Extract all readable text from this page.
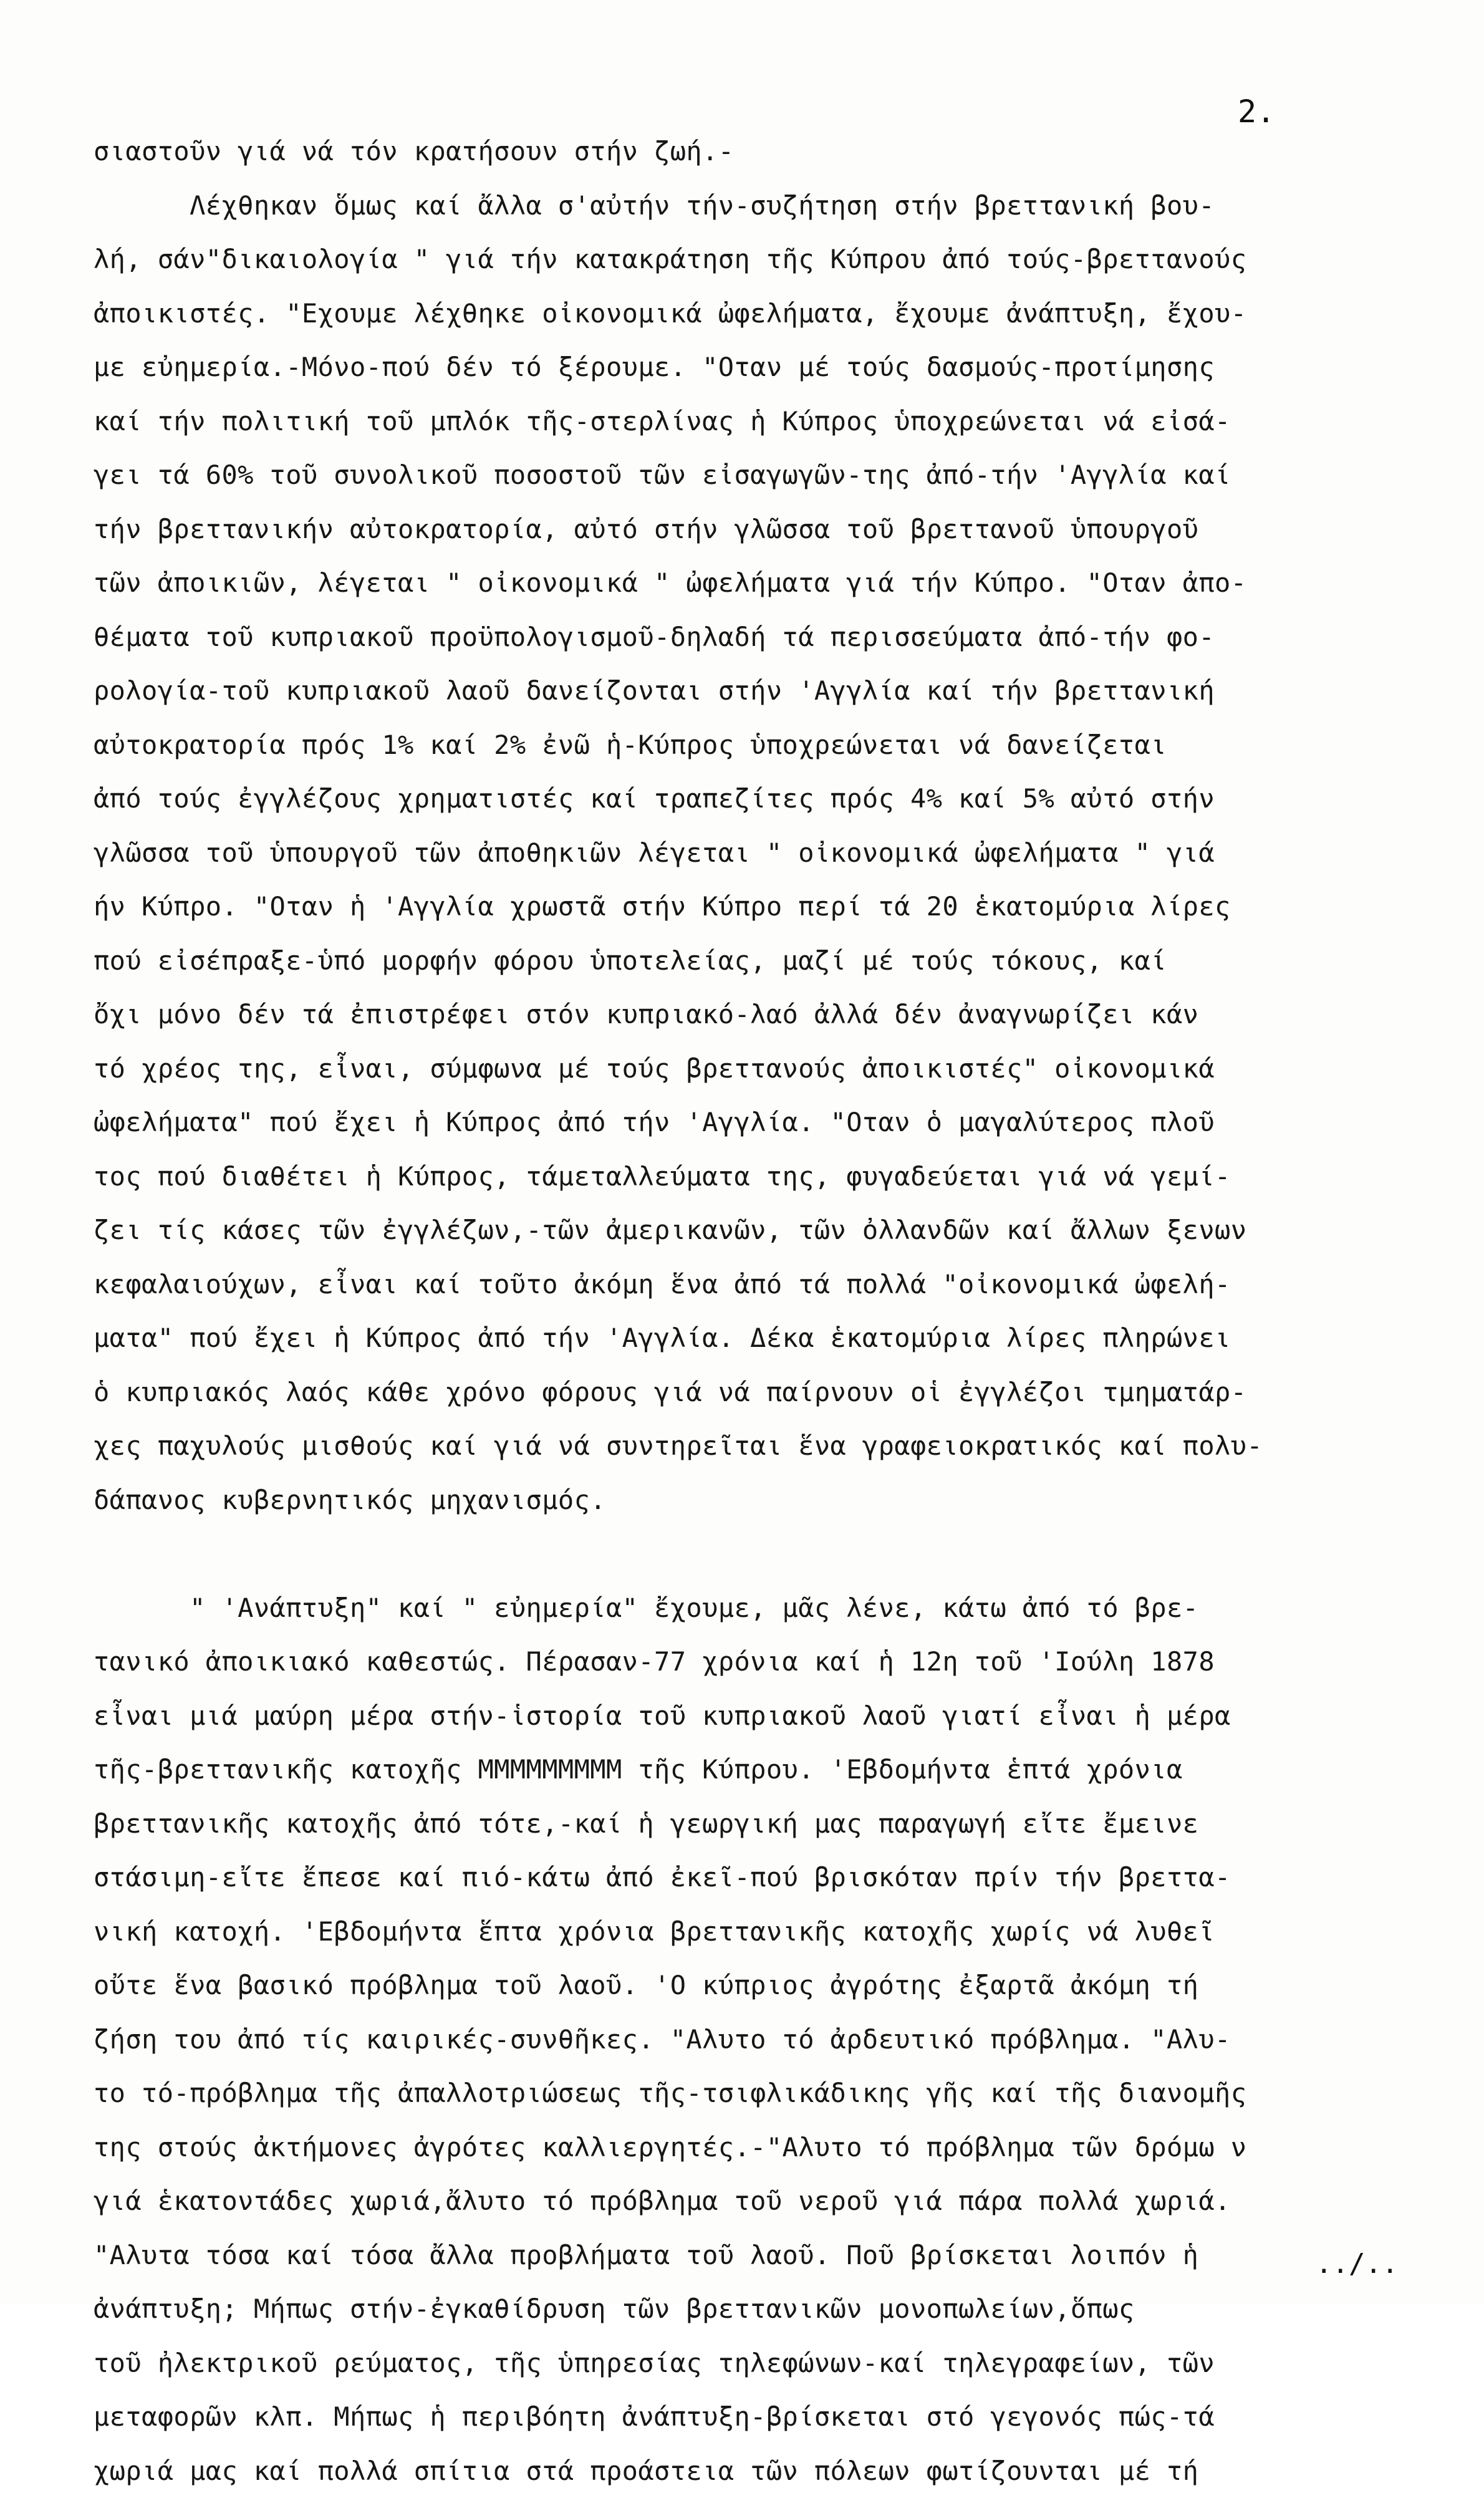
2.
σιαστοῦν γιά νά τόν κρατήσουν στήν ζωή.-
Λέχθηκαν ὅμως καί ἄλλα σ'αὐτήν τήν-συζήτηση στήν βρεττανική βου-
λή, σάν"δικαιολογία " γιά τήν κατακράτηση τῆς Κύπρου ἀπό τούς-βρεττανούς
ἀποικιστές. "Εχουμε λέχθηκε οἰκονομικά ὠφελήματα, ἔχουμε ἀνάπτυξη, ἔχου-
με εὐημερία.-Μόνο-πού δέν τό ξέρουμε. "Οταν μέ τούς δασμούς-προτίμησης
καί τήν πολιτική τοῦ μπλόκ τῆς-στερλίνας ἡ Κύπρος ὑποχρεώνεται νά εἰσά-
γει τά 60% τοῦ συνολικοῦ ποσοστοῦ τῶν εἰσαγωγῶν-της ἀπό-τήν 'Αγγλία καί
τήν βρεττανικήν αὐτοκρατορία, αὐτό στήν γλῶσσα τοῦ βρεττανοῦ ὑπουργοῦ
τῶν ἀποικιῶν, λέγεται " οἰκονομικά " ὠφελήματα γιά τήν Κύπρο. "Οταν ἀπο-
θέματα τοῦ κυπριακοῦ προϋπολογισμοῦ-δηλαδή τά περισσεύματα ἀπό-τήν φο-
ρολογία-τοῦ κυπριακοῦ λαοῦ δανείζονται στήν 'Αγγλία καί τήν βρεττανική
αὐτοκρατορία πρός 1% καί 2% ἐνῶ ἡ-Κύπρος ὑποχρεώνεται νά δανείζεται
ἀπό τούς ἐγγλέζους χρηματιστές καί τραπεζίτες πρός 4% καί 5% αὐτό στήν
γλῶσσα τοῦ ὑπουργοῦ τῶν ἀποθηκιῶν λέγεται " οἰκονομικά ὠφελήματα " γιά
ήν Κύπρο. "Οταν ἡ 'Αγγλία χρωστᾶ στήν Κύπρο περί τά 20 ἑκατομύρια λίρες
πού εἰσέπραξε-ὑπό μορφήν φόρου ὑποτελείας, μαζί μέ τούς τόκους, καί
ὄχι μόνο δέν τά ἐπιστρέφει στόν κυπριακό-λαό ἀλλά δέν ἀναγνωρίζει κάν
τό χρέος της, εἶναι, σύμφωνα μέ τούς βρεττανούς ἀποικιστές" οἰκονομικά
ὠφελήματα" πού ἔχει ἡ Κύπρος ἀπό τήν 'Αγγλία. "Οταν ὁ μαγαλύτερος πλοῦ
τος πού διαθέτει ἡ Κύπρος, τάμεταλλεύματα της, φυγαδεύεται γιά νά γεμί-
ζει τίς κάσες τῶν ἐγγλέζων,-τῶν ἀμερικανῶν, τῶν ὀλλανδῶν καί ἄλλων ξενων
κεφαλαιούχων, εἶναι καί τοῦτο ἀκόμη ἕνα ἀπό τά πολλά "οἰκονομικά ὠφελή-
ματα" πού ἔχει ἡ Κύπρος ἀπό τήν 'Αγγλία. Δέκα ἑκατομύρια λίρες πληρώνει
ὁ κυπριακός λαός κάθε χρόνο φόρους γιά νά παίρνουν οἱ ἐγγλέζοι τμηματάρ-
χες παχυλούς μισθούς καί γιά νά συντηρεῖται ἕνα γραφειοκρατικός καί πολυ-
δάπανος κυβερνητικός μηχανισμός.
" 'Ανάπτυξη" καί " εὐημερία" ἔχουμε, μᾶς λένε, κάτω ἀπό τό βρε-
τανικό ἀποικιακό καθεστώς. Πέρασαν-77 χρόνια καί ἡ 12η τοῦ 'Ιούλη 1878
εἶναι μιά μαύρη μέρα στήν-ἱστορία τοῦ κυπριακοῦ λαοῦ γιατί εἶναι ἡ μέρα
τῆς-βρεττανικῆς κατοχῆς ΜΜΜΜΜΜΜΜΜ τῆς Κύπρου. 'Εβδομήντα ἑπτά χρόνια
βρεττανικῆς κατοχῆς ἀπό τότε,-καί ἡ γεωργική μας παραγωγή εἴτε ἔμεινε
στάσιμη-εἴτε ἔπεσε καί πιό-κάτω ἀπό ἐκεῖ-πού βρισκόταν πρίν τήν βρεττα-
νική κατοχή. 'Εβδομήντα ἕπτα χρόνια βρεττανικῆς κατοχῆς χωρίς νά λυθεῖ
οὔτε ἕνα βασικό πρόβλημα τοῦ λαοῦ. 'Ο κύπριος ἀγρότης ἐξαρτᾶ ἀκόμη τή
ζήση του ἀπό τίς καιρικές-συνθῆκες. "Αλυτο τό ἀρδευτικό πρόβλημα. "Αλυ-
το τό-πρόβλημα τῆς ἀπαλλοτριώσεως τῆς-τσιφλικάδικης γῆς καί τῆς διανομῆς
της στούς ἀκτήμονες ἀγρότες καλλιεργητές.-"Αλυτο τό πρόβλημα τῶν δρόμω ν
γιά ἑκατοντάδες χωριά,ἄλυτο τό πρόβλημα τοῦ νεροῦ γιά πάρα πολλά χωριά.
"Αλυτα τόσα καί τόσα ἄλλα προβλήματα τοῦ λαοῦ. Ποῦ βρίσκεται λοιπόν ἡ
ἀνάπτυξη; Μήπως στήν-ἐγκαθίδρυση τῶν βρεττανικῶν μονοπωλείων,ὅπως
τοῦ ἠλεκτρικοῦ ρεύματος, τῆς ὑπηρεσίας τηλεφώνων-καί τηλεγραφείων, τῶν
μεταφορῶν κλπ. Μήπως ἡ περιβόητη ἀνάπτυξη-βρίσκεται στό γεγονός πώς-τά
χωριά μας καί πολλά σπίτια στά προάστεια τῶν πόλεων φωτίζουνται μέ τή
../..
